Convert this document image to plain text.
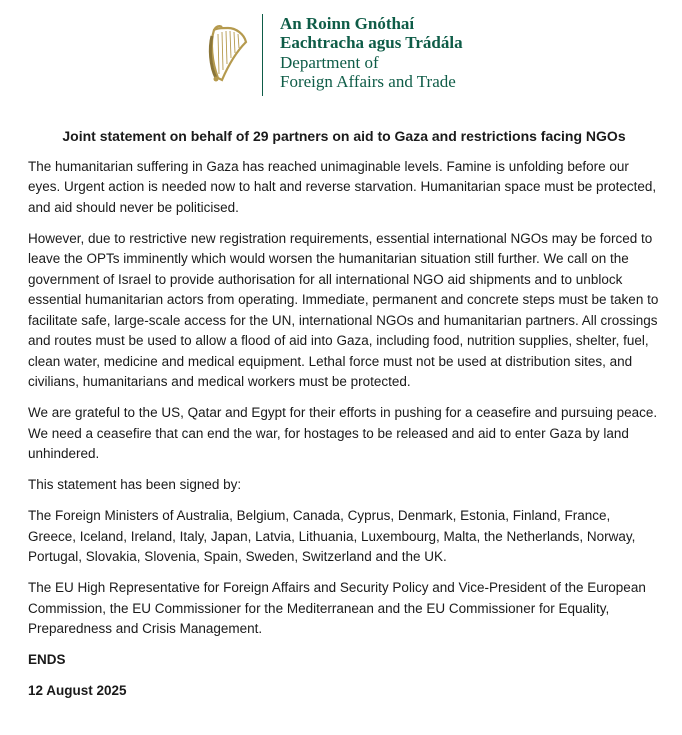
An Roinn Gnóthaí
Eachtracha agus Trádála
Department of
Foreign Affairs and Trade
Joint statement on behalf of 29 partners on aid to Gaza and restrictions facing NGOs

The humanitarian suffering in Gaza has reached unimaginable levels. Famine is unfolding before our eyes. Urgent action is needed now to halt and reverse starvation. Humanitarian space must be protected, and aid should never be politicised.

However, due to restrictive new registration requirements, essential international NGOs may be forced to leave the OPTs imminently which would worsen the humanitarian situation still further. We call on the government of Israel to provide authorisation for all international NGO aid shipments and to unblock essential humanitarian actors from operating. Immediate, permanent and concrete steps must be taken to facilitate safe, large-scale access for the UN, international NGOs and humanitarian partners. All crossings and routes must be used to allow a flood of aid into Gaza, including food, nutrition supplies, shelter, fuel, clean water, medicine and medical equipment. Lethal force must not be used at distribution sites, and civilians, humanitarians and medical workers must be protected.

We are grateful to the US, Qatar and Egypt for their efforts in pushing for a ceasefire and pursuing peace. We need a ceasefire that can end the war, for hostages to be released and aid to enter Gaza by land unhindered.

This statement has been signed by:

The Foreign Ministers of Australia, Belgium, Canada, Cyprus, Denmark, Estonia, Finland, France, Greece, Iceland, Ireland, Italy, Japan, Latvia, Lithuania, Luxembourg, Malta, the Netherlands, Norway, Portugal, Slovakia, Slovenia, Spain, Sweden, Switzerland and the UK.

The EU High Representative for Foreign Affairs and Security Policy and Vice-President of the European Commission, the EU Commissioner for the Mediterranean and the EU Commissioner for Equality, Preparedness and Crisis Management.

ENDS

12 August 2025
